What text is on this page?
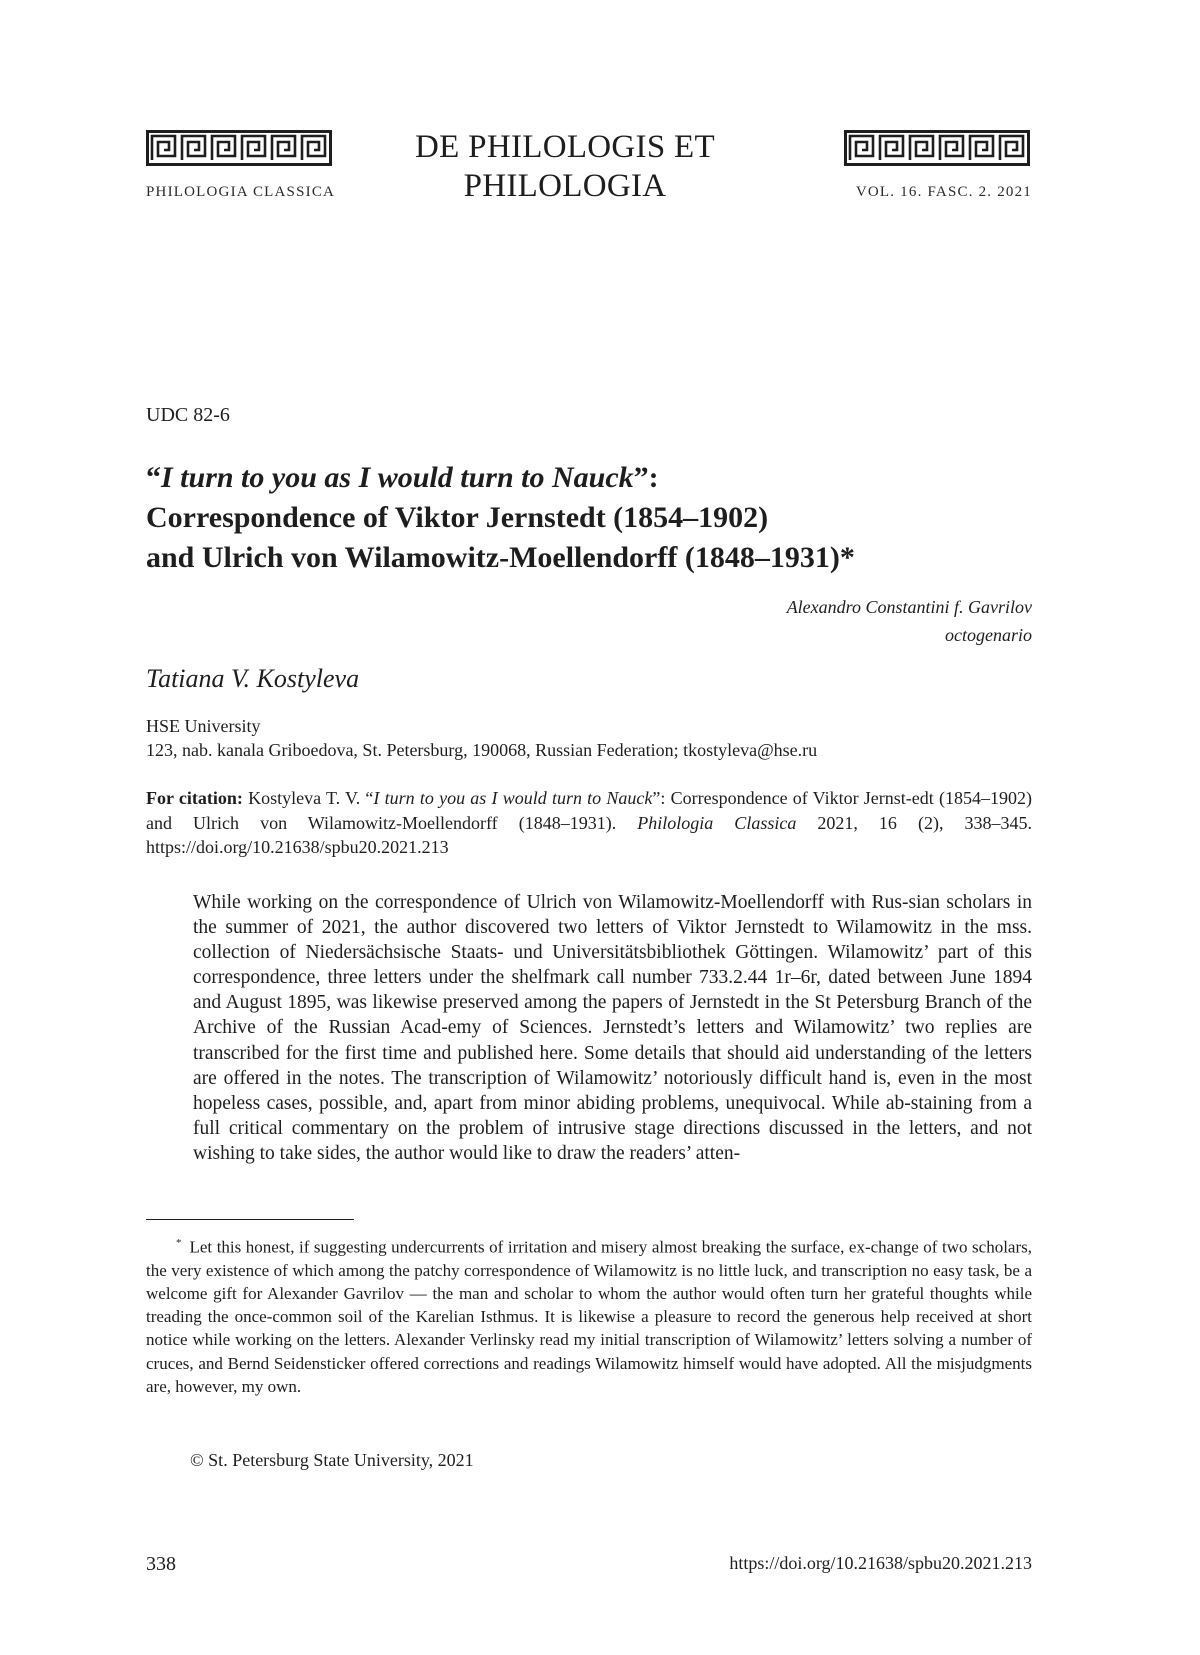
PHILOLOGIA CLASSICA
DE PHILOLOGIS ET
PHILOLOGIA	VOL. 16. FASC. 2. 2021
UDC 82-6
“I turn to you as I would turn to Nauck”:
Correspondence of Viktor Jernstedt (1854–1902)
and Ulrich von Wilamowitz-Moellendorff (1848–1931)*
Alexandro Constantini f. Gavrilov
octogenario
Tatiana V. Kostyleva
HSE University
123, nab. kanala Griboedova, St. Petersburg, 190068, Russian Federation; tkostyleva@hse.ru
For citation: Kostyleva T. V. “I turn to you as I would turn to Nauck”: Correspondence of Viktor Jernst-edt (1854–1902) and Ulrich von Wilamowitz-Moellendorff (1848–1931). Philologia Classica 2021, 16 (2), 338–345. https://doi.org/10.21638/spbu20.2021.213
While working on the correspondence of Ulrich von Wilamowitz-Moellendorff with Rus-sian scholars in the summer of 2021, the author discovered two letters of Viktor Jernstedt to Wilamowitz in the mss. collection of Niedersächsische Staats- und Universitätsbibliothek Göttingen. Wilamowitz’ part of this correspondence, three letters under the shelfmark call number 733.2.44 1r–6r, dated between June 1894 and August 1895, was likewise preserved among the papers of Jernstedt in the St Petersburg Branch of the Archive of the Russian Acad-emy of Sciences. Jernstedt’s letters and Wilamowitz’ two replies are transcribed for the first time and published here. Some details that should aid understanding of the letters are offered in the notes. The transcription of Wilamowitz’ notoriously difficult hand is, even in the most hopeless cases, possible, and, apart from minor abiding problems, unequivocal. While ab-staining from a full critical commentary on the problem of intrusive stage directions discussed in the letters, and not wishing to take sides, the author would like to draw the readers’ atten-
* Let this honest, if suggesting undercurrents of irritation and misery almost breaking the surface, ex-change of two scholars, the very existence of which among the patchy correspondence of Wilamowitz is no little luck, and transcription no easy task, be a welcome gift for Alexander Gavrilov — the man and scholar to whom the author would often turn her grateful thoughts while treading the once-common soil of the Karelian Isthmus. It is likewise a pleasure to record the generous help received at short notice while working on the letters. Alexander Verlinsky read my initial transcription of Wilamowitz’ letters solving a number of cruces, and Bernd Seidensticker offered corrections and readings Wilamowitz himself would have adopted. All the misjudgments are, however, my own.
© St. Petersburg State University, 2021
338	https://doi.org/10.21638/spbu20.2021.213
